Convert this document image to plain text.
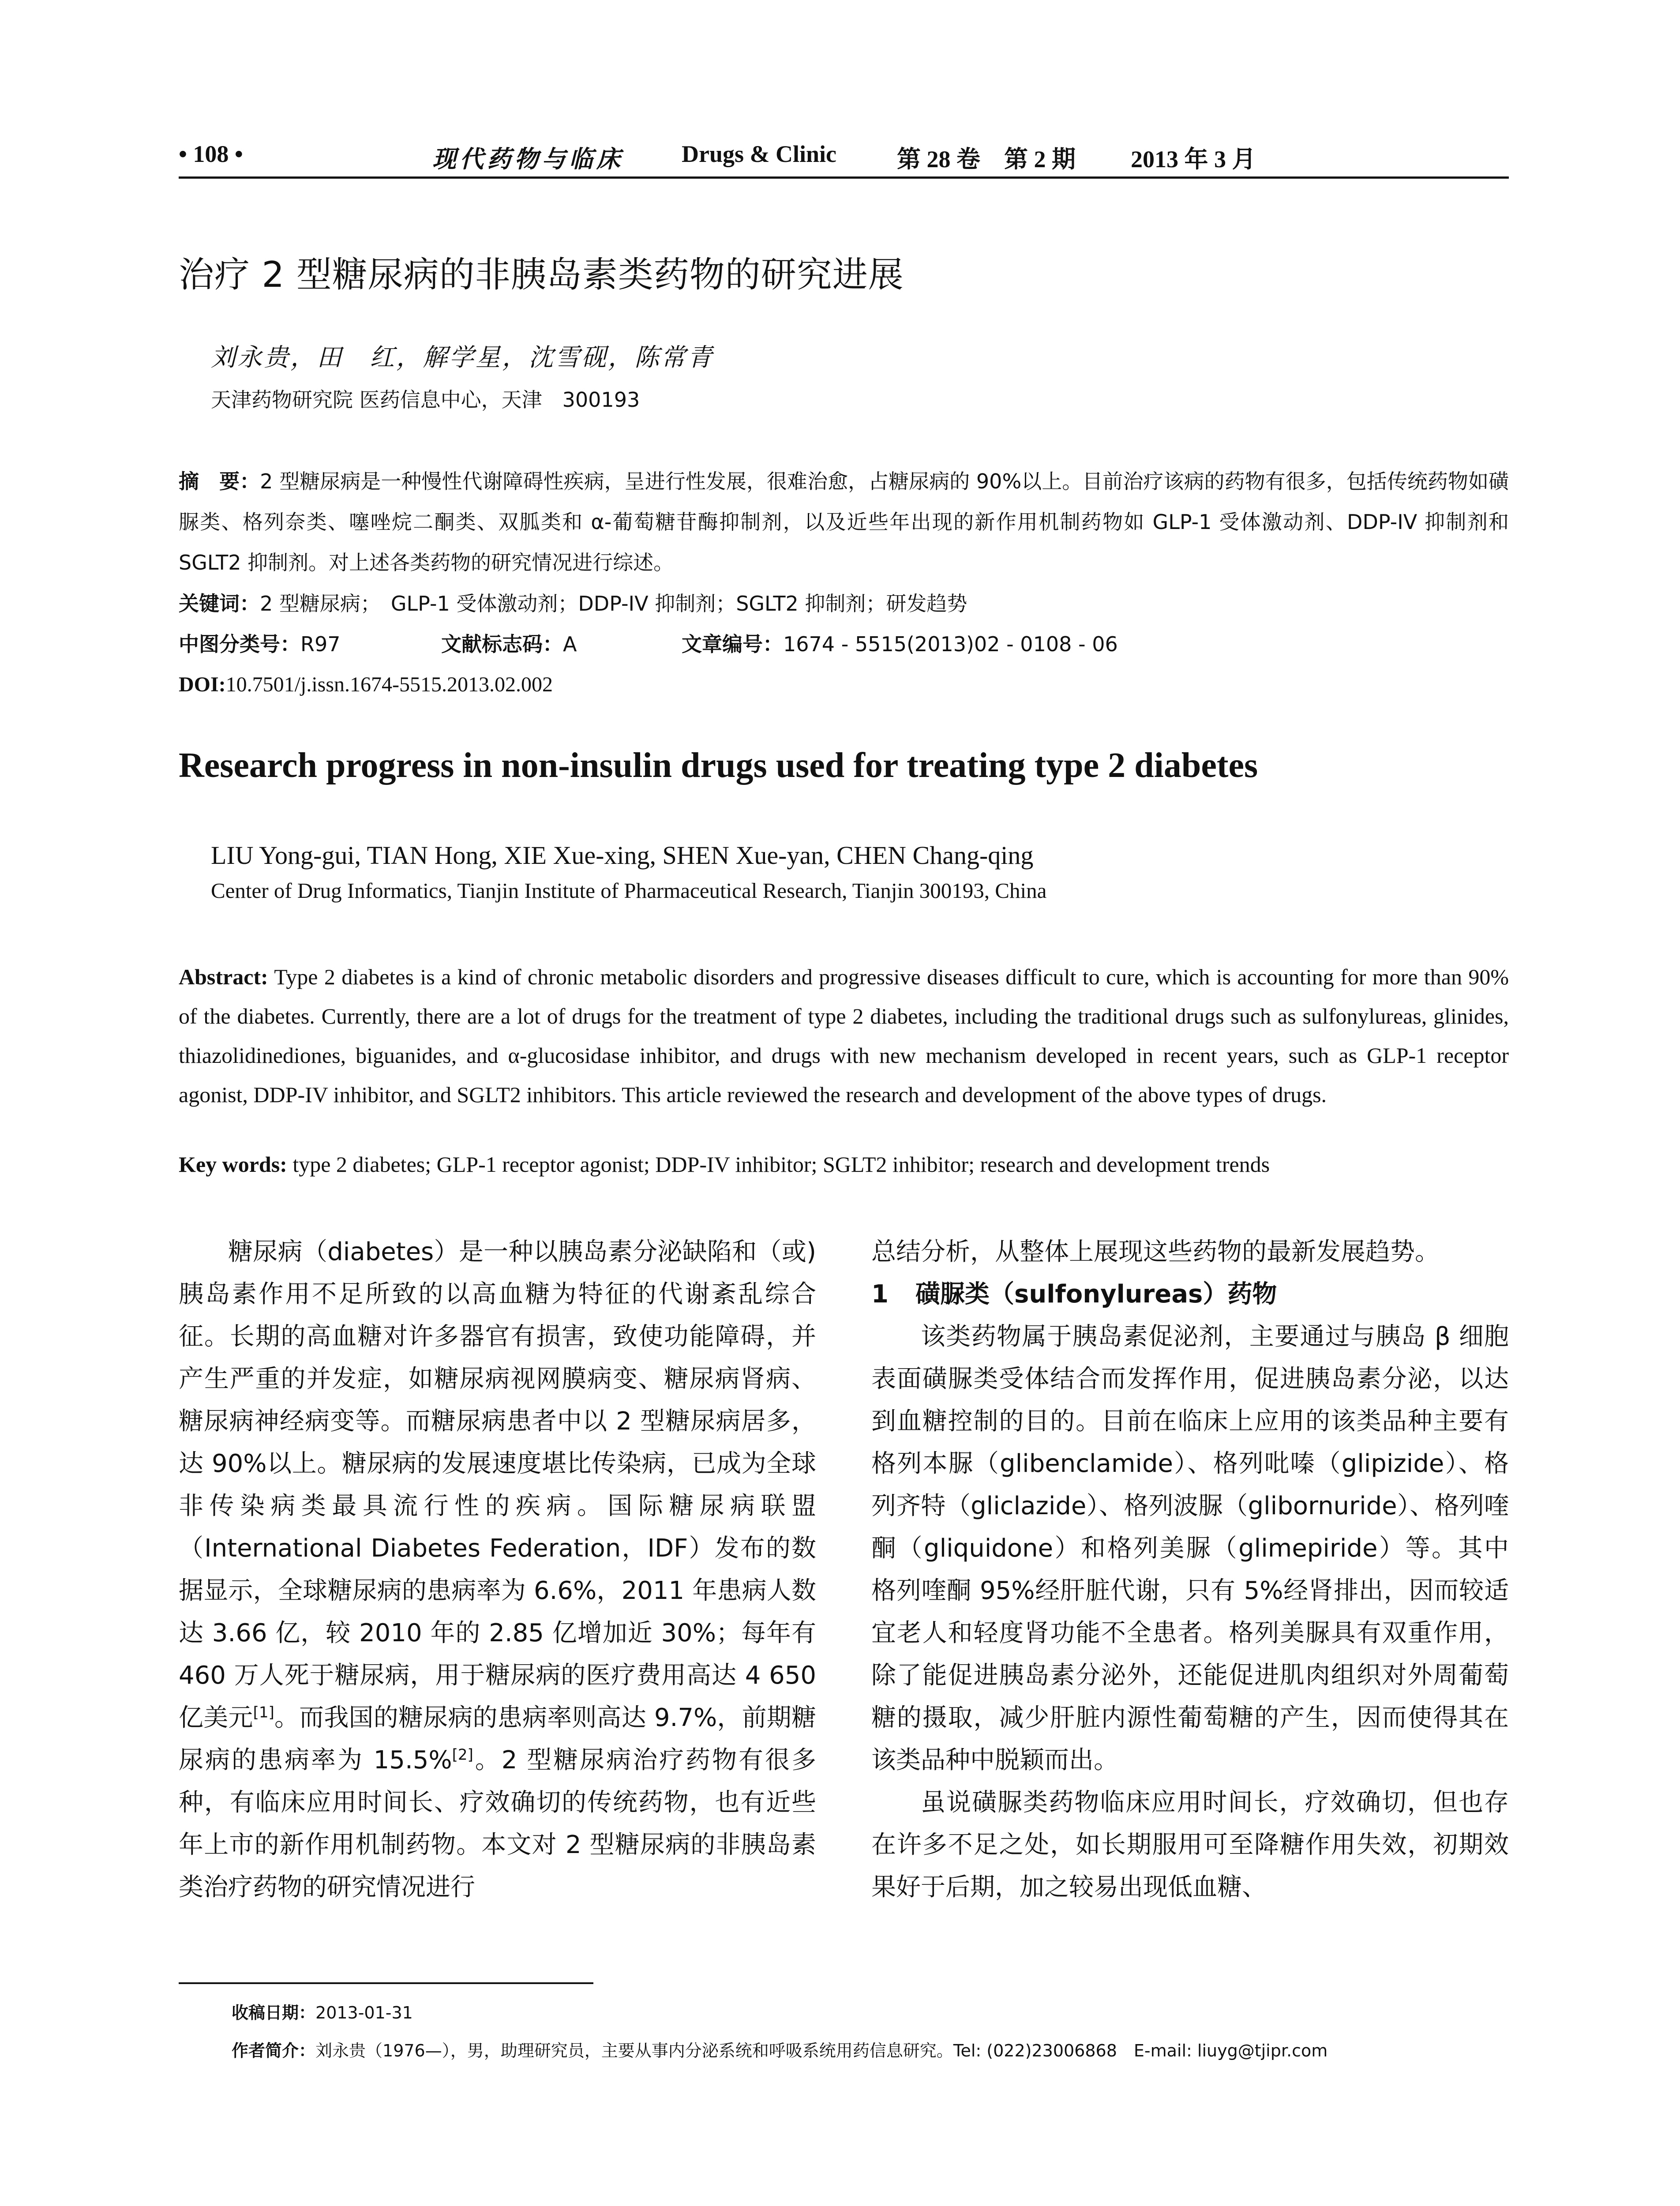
• 108 •	现代药物与临床 Drugs & Clinic	第 28 卷　第 2 期 2013 年 3 月
治疗 2 型糖尿病的非胰岛素类药物的研究进展
刘永贵，田　红，解学星，沈雪砚，陈常青
天津药物研究院 医药信息中心，天津　300193
摘　要：2 型糖尿病是一种慢性代谢障碍性疾病，呈进行性发展，很难治愈，占糖尿病的 90%以上。目前治疗该病的药物有很多，包括传统药物如磺脲类、格列奈类、噻唑烷二酮类、双胍类和 α-葡萄糖苷酶抑制剂，以及近些年出现的新作用机制药物如 GLP-1 受体激动剂、DDP-IV 抑制剂和 SGLT2 抑制剂。对上述各类药物的研究情况进行综述。
关键词：2 型糖尿病；　GLP-1 受体激动剂；DDP-IV 抑制剂；SGLT2 抑制剂；研发趋势
中图分类号：R97	文献标志码：A	文章编号：1674 - 5515(2013)02 - 0108 - 06
DOI:10.7501/j.issn.1674-5515.2013.02.002
Research progress in non-insulin drugs used for treating type 2 diabetes
LIU Yong-gui, TIAN Hong, XIE Xue-xing, SHEN Xue-yan, CHEN Chang-qing
Center of Drug Informatics, Tianjin Institute of Pharmaceutical Research, Tianjin 300193, China
Abstract: Type 2 diabetes is a kind of chronic metabolic disorders and progressive diseases difficult to cure, which is accounting for more than 90% of the diabetes. Currently, there are a lot of drugs for the treatment of type 2 diabetes, including the traditional drugs such as sulfonylureas, glinides, thiazolidinediones, biguanides, and α-glucosidase inhibitor, and drugs with new mechanism developed in recent years, such as GLP-1 receptor agonist, DDP-IV inhibitor, and SGLT2 inhibitors. This article reviewed the research and development of the above types of drugs.
Key words: type 2 diabetes; GLP-1 receptor agonist; DDP-IV inhibitor; SGLT2 inhibitor; research and development trends

糖尿病（diabetes）是一种以胰岛素分泌缺陷和（或)胰岛素作用不足所致的以高血糖为特征的代谢紊乱综合征。长期的高血糖对许多器官有损害，致使功能障碍，并产生严重的并发症，如糖尿病视网膜病变、糖尿病肾病、糖尿病神经病变等。而糖尿病患者中以 2 型糖尿病居多，达 90%以上。糖尿病的发展速度堪比传染病，已成为全球非传染病类最具流行性的疾病。国际糖尿病联盟（International Diabetes Federation，IDF）发布的数据显示，全球糖尿病的患病率为 6.6%，2011 年患病人数达 3.66 亿，较 2010 年的 2.85 亿增加近 30%；每年有 460 万人死于糖尿病，用于糖尿病的医疗费用高达 4 650 亿美元[1]。而我国的糖尿病的患病率则高达 9.7%，前期糖尿病的患病率为 15.5%[2]。2 型糖尿病治疗药物有很多种，有临床应用时间长、疗效确切的传统药物，也有近些年上市的新作用机制药物。本文对 2 型糖尿病的非胰岛素类治疗药物的研究情况进行

总结分析，从整体上展现这些药物的最新发展趋势。

1 磺脲类（sulfonylureas）药物

该类药物属于胰岛素促泌剂，主要通过与胰岛 β 细胞表面磺脲类受体结合而发挥作用，促进胰岛素分泌，以达到血糖控制的目的。目前在临床上应用的该类品种主要有格列本脲（glibenclamide）、格列吡嗪（glipizide）、格列齐特（gliclazide）、格列波脲（glibornuride）、格列喹酮（gliquidone）和格列美脲（glimepiride）等。其中格列喹酮 95%经肝脏代谢，只有 5%经肾排出，因而较适宜老人和轻度肾功能不全患者。格列美脲具有双重作用，除了能促进胰岛素分泌外，还能促进肌肉组织对外周葡萄糖的摄取，减少肝脏内源性葡萄糖的产生，因而使得其在该类品种中脱颖而出。

虽说磺脲类药物临床应用时间长，疗效确切，但也存在许多不足之处，如长期服用可至降糖作用失效，初期效果好于后期，加之较易出现低血糖、

收稿日期：2013-01-31
作者简介：刘永贵（1976—），男，助理研究员，主要从事内分泌系统和呼吸系统用药信息研究。Tel: (022)23006868　E-mail: liuyg@tjipr.com
